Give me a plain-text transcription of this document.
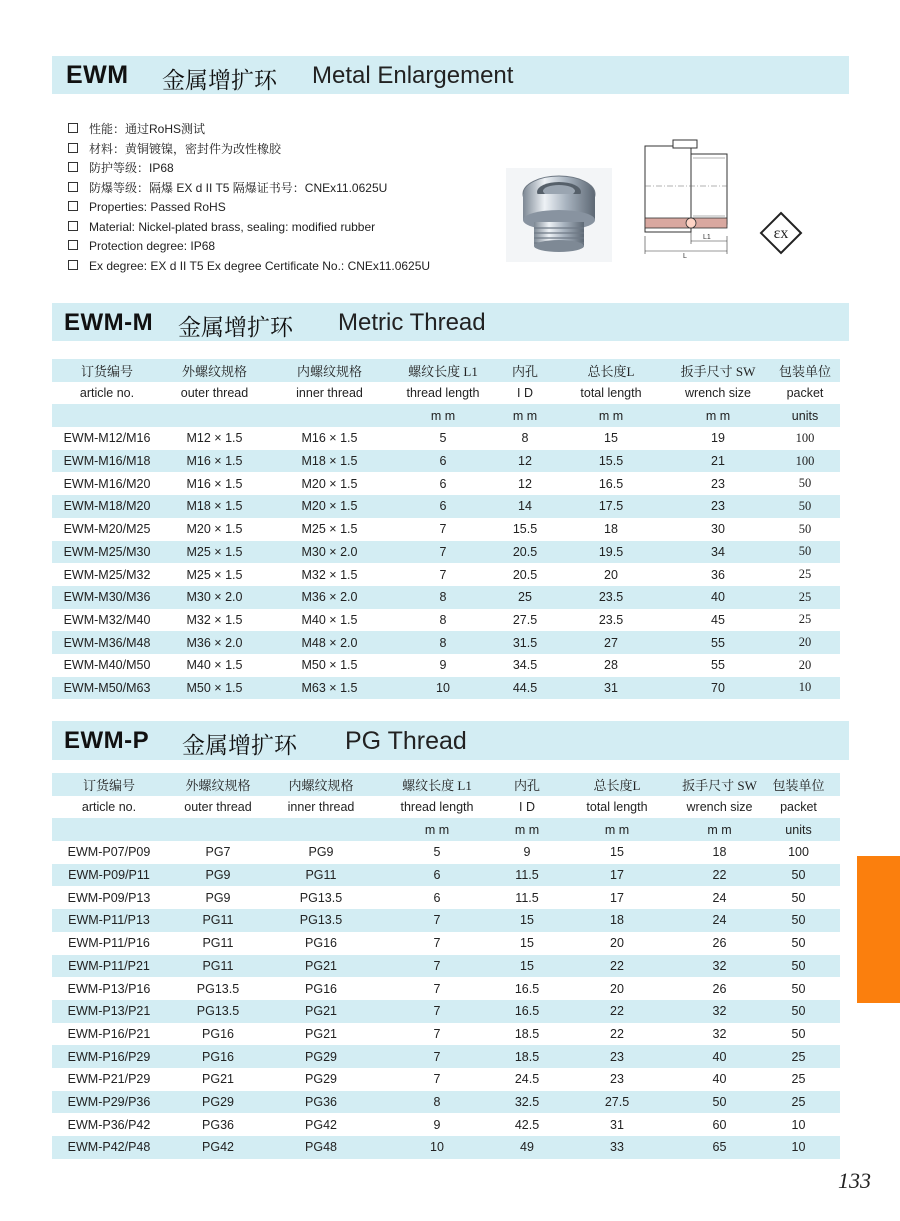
EWM 金属增扩环 Metal Enlargement
性能：通过RoHS测试
材料：黄铜镀镍，密封件为改性橡胶
防护等级：IP68
防爆等级：隔爆 EX d II T5 隔爆证书号：CNEx11.0625U
Properties: Passed RoHS
Material: Nickel-plated brass, sealing: modified rubber
Protection degree: IP68
Ex degree: EX d II T5 Ex degree Certificate No.: CNEx11.0625U
L1
L
εx
EWM-M 金属增扩环 Metric Thread
订货编号	外螺纹规格	内螺纹规格	螺纹长度 L1	内孔	总长度L	扳手尺寸 SW	包装单位
article no.	outer thread	inner thread	thread length	I D	total length	wrench size	packet
			m m	m m	m m	m m	units
EWM-M12/M16	M12 × 1.5	M16 × 1.5	5	8	15	19	100
EWM-M16/M18	M16 × 1.5	M18 × 1.5	6	12	15.5	21	100
EWM-M16/M20	M16 × 1.5	M20 × 1.5	6	12	16.5	23	50
EWM-M18/M20	M18 × 1.5	M20 × 1.5	6	14	17.5	23	50
EWM-M20/M25	M20 × 1.5	M25 × 1.5	7	15.5	18	30	50
EWM-M25/M30	M25 × 1.5	M30 × 2.0	7	20.5	19.5	34	50
EWM-M25/M32	M25 × 1.5	M32 × 1.5	7	20.5	20	36	25
EWM-M30/M36	M30 × 2.0	M36 × 2.0	8	25	23.5	40	25
EWM-M32/M40	M32 × 1.5	M40 × 1.5	8	27.5	23.5	45	25
EWM-M36/M48	M36 × 2.0	M48 × 2.0	8	31.5	27	55	20
EWM-M40/M50	M40 × 1.5	M50 × 1.5	9	34.5	28	55	20
EWM-M50/M63	M50 × 1.5	M63 × 1.5	10	44.5	31	70	10
EWM-P 金属增扩环 PG Thread
订货编号	外螺纹规格	内螺纹规格	螺纹长度 L1	内孔	总长度L	扳手尺寸 SW	包装单位
article no.	outer thread	inner thread	thread length	I D	total length	wrench size	packet
			m m	m m	m m	m m	units
EWM-P07/P09	PG7	PG9	5	9	15	18	100
EWM-P09/P11	PG9	PG11	6	11.5	17	22	50
EWM-P09/P13	PG9	PG13.5	6	11.5	17	24	50
EWM-P11/P13	PG11	PG13.5	7	15	18	24	50
EWM-P11/P16	PG11	PG16	7	15	20	26	50
EWM-P11/P21	PG11	PG21	7	15	22	32	50
EWM-P13/P16	PG13.5	PG16	7	16.5	20	26	50
EWM-P13/P21	PG13.5	PG21	7	16.5	22	32	50
EWM-P16/P21	PG16	PG21	7	18.5	22	32	50
EWM-P16/P29	PG16	PG29	7	18.5	23	40	25
EWM-P21/P29	PG21	PG29	7	24.5	23	40	25
EWM-P29/P36	PG29	PG36	8	32.5	27.5	50	25
EWM-P36/P42	PG36	PG42	9	42.5	31	60	10
EWM-P42/P48	PG42	PG48	10	49	33	65	10
133
